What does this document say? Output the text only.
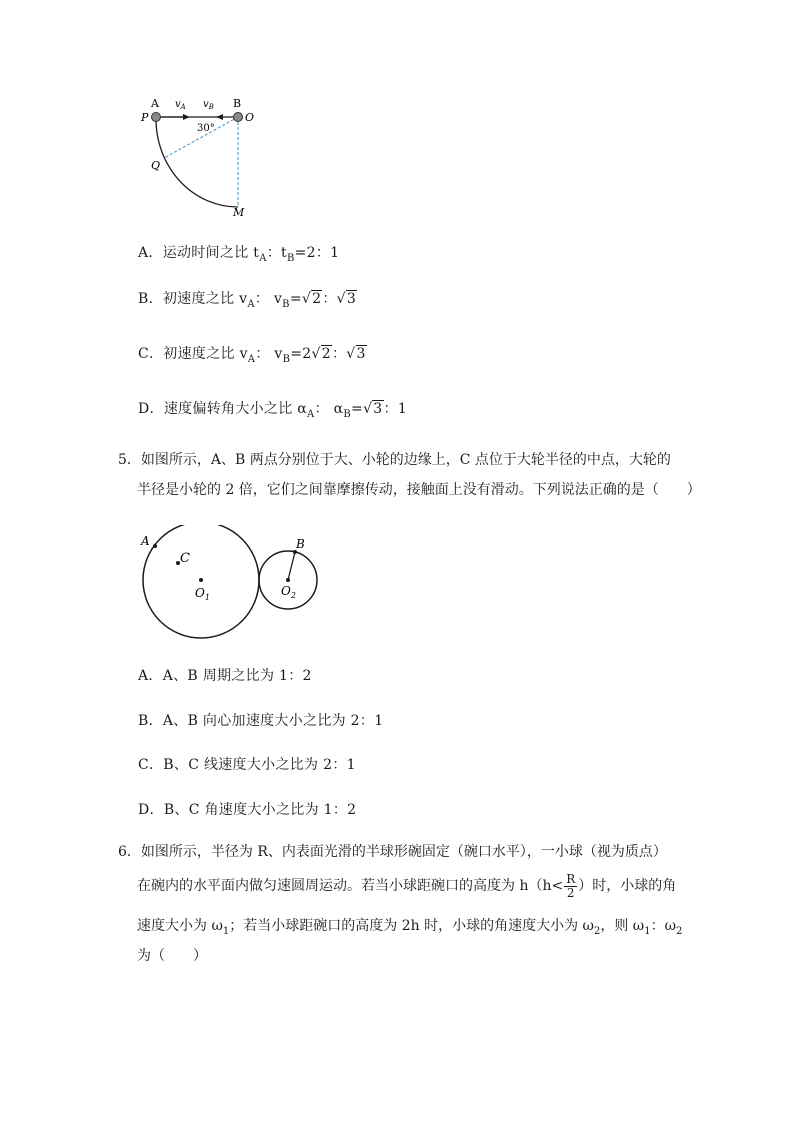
A	B
P	O
Q
M
$v_A$ $v_B$
30°
A．运动时间之比 $t_A$：$t_B=2$：1
B．初速度之比 $v_A$： $v_B=√2$：√3
C．初速度之比 $v_A$： $v_B=2√2$：√3
D．速度偏转角大小之比 $\alpha_A$： $\alpha_B=√3$：1
5．如图所示，A、B 两点分别位于大、小轮的边缘上，C 点位于大轮半径的中点，大轮的
半径是小轮的 2 倍，它们之间靠摩擦传动，接触面上没有滑动。下列说法正确的是（　　）
A
C
B
$O_1$	$O_2$
A．A、B 周期之比为 1：2
B．A、B 向心加速度大小之比为 2：1
C．B、C 线速度大小之比为 2：1
D．B、C 角速度大小之比为 1：2
6．如图所示，半径为 R、内表面光滑的半球形碗固定（碗口水平），一小球（视为质点）
在碗内的水平面内做匀速圆周运动。若当小球距碗口的高度为 $h(h< \frac{R}{2}$ ）时，小球的角
速度大小为 $\omega_1$；若当小球距碗口的高度为 2h 时，小球的角速度大小为 $\omega_2$，则 $\omega_1$：$\omega_2$
为（　　）
